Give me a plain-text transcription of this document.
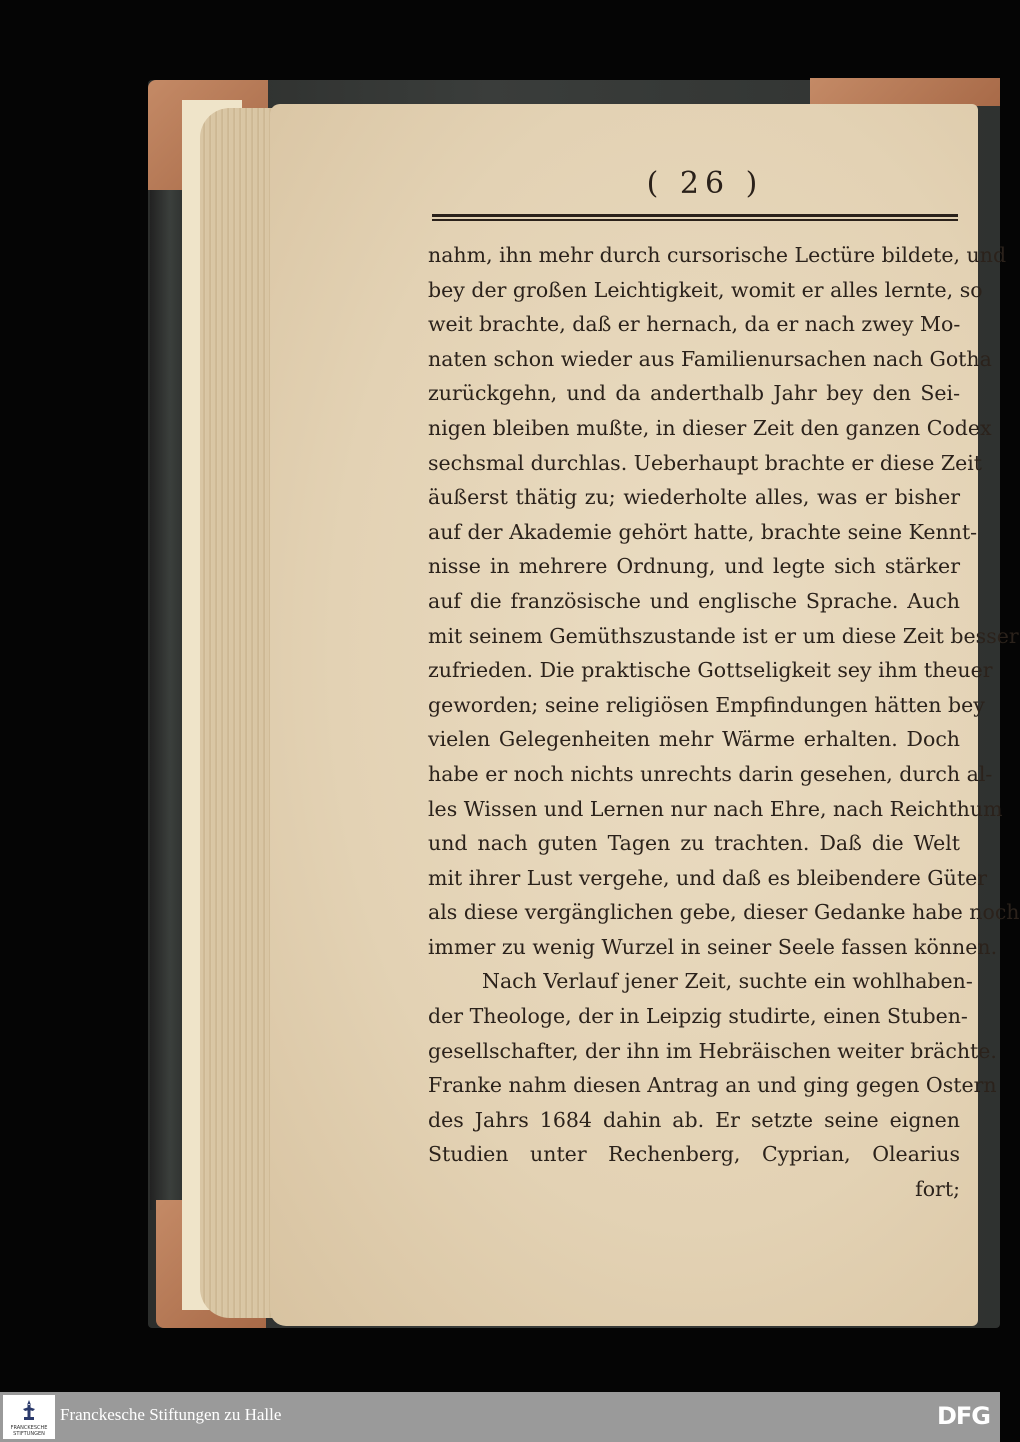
( 26 )
nahm, ihn mehr durch cursorische Lectüre bildete, und
bey der großen Leichtigkeit, womit er alles lernte, so
weit brachte, daß er hernach, da er nach zwey Mo-
naten schon wieder aus Familienursachen nach Gotha
zurückgehn, und da anderthalb Jahr bey den Sei-
nigen bleiben mußte, in dieser Zeit den ganzen Codex
sechsmal durchlas. Ueberhaupt brachte er diese Zeit
äußerst thätig zu; wiederholte alles, was er bisher
auf der Akademie gehört hatte, brachte seine Kennt-
nisse in mehrere Ordnung, und legte sich stärker
auf die französische und englische Sprache. Auch
mit seinem Gemüthszustande ist er um diese Zeit besser
zufrieden. Die praktische Gottseligkeit sey ihm theuer
geworden; seine religiösen Empfindungen hätten bey
vielen Gelegenheiten mehr Wärme erhalten. Doch
habe er noch nichts unrechts darin gesehen, durch al-
les Wissen und Lernen nur nach Ehre, nach Reichthum
und nach guten Tagen zu trachten. Daß die Welt
mit ihrer Lust vergehe, und daß es bleibendere Güter
als diese vergänglichen gebe, dieser Gedanke habe noch
immer zu wenig Wurzel in seiner Seele fassen können.
Nach Verlauf jener Zeit, suchte ein wohlhaben-
der Theologe, der in Leipzig studirte, einen Stuben-
gesellschafter, der ihn im Hebräischen weiter brächte.
Franke nahm diesen Antrag an und ging gegen Ostern
des Jahrs 1684 dahin ab. Er setzte seine eignen
Studien unter Rechenberg, Cyprian, Olearius
fort;
FRANCKESCHE STIFTUNGEN
Franckesche Stiftungen zu Halle	DFG
